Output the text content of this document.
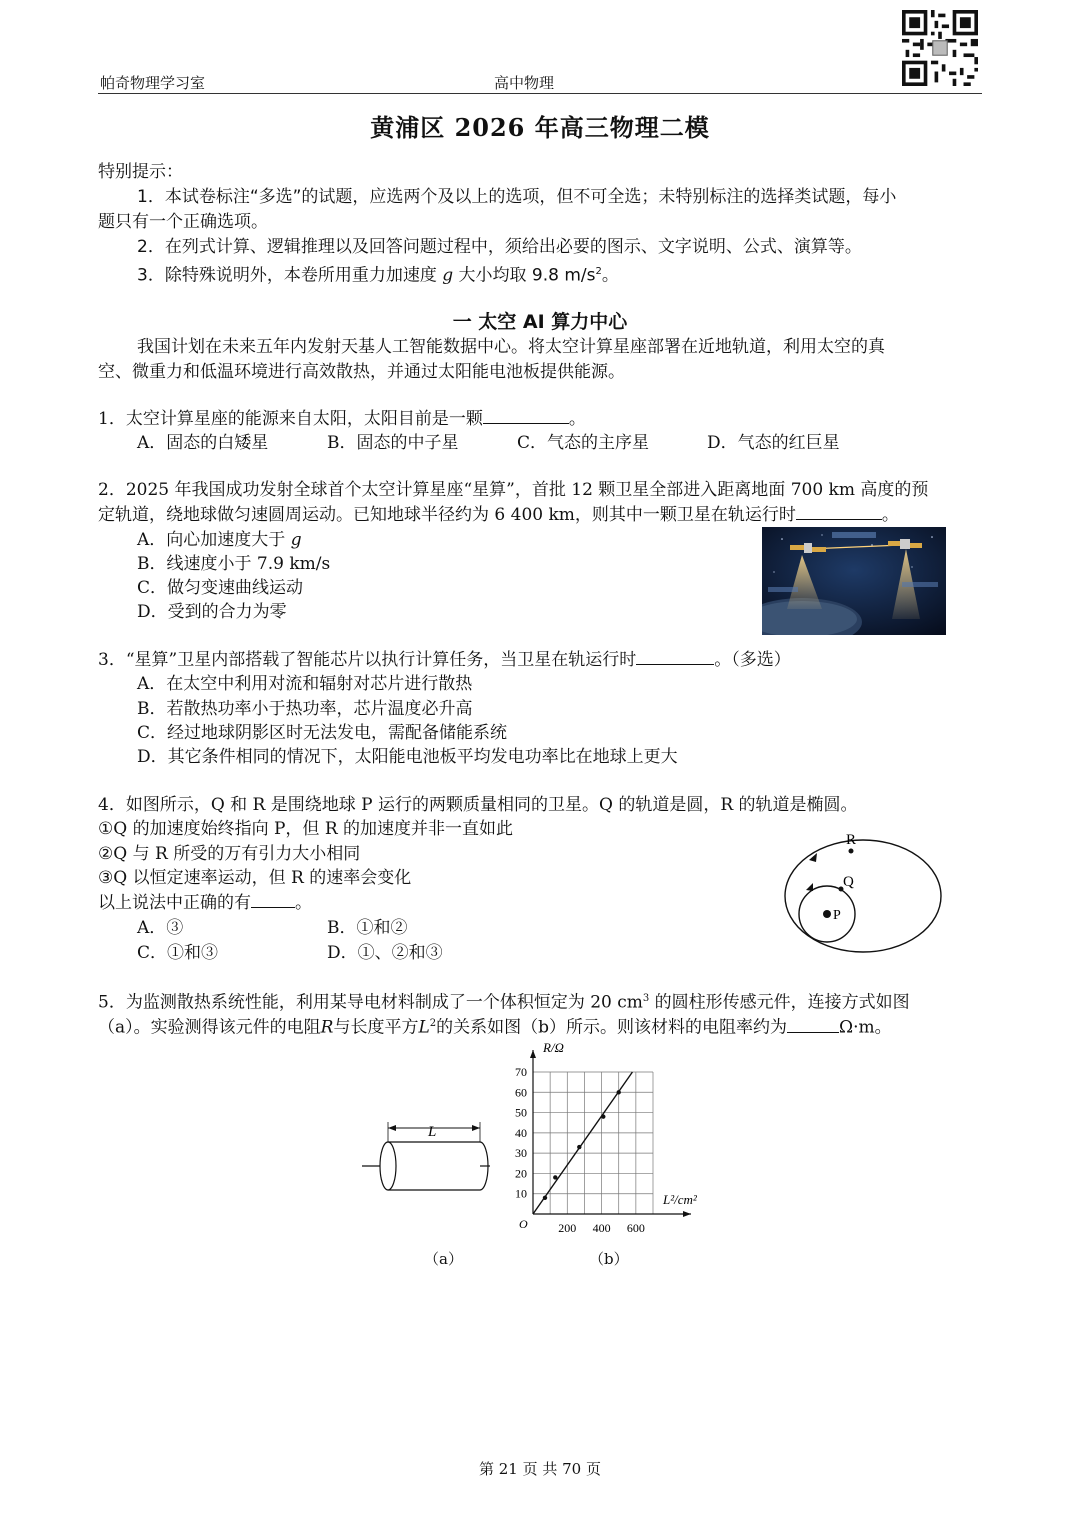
帕奇物理学习室	高中物理
黄浦区 2026 年高三物理二模
特别提示：
1．本试卷标注“多选”的试题，应选两个及以上的选项，但不可全选；未特别标注的选择类试题，每小
题只有一个正确选项。
2．在列式计算、逻辑推理以及回答问题过程中，须给出必要的图示、文字说明、公式、演算等。
3．除特殊说明外，本卷所用重力加速度 g 大小均取 9.8 $m/s^2$。
一 太空 AI 算力中心
我国计划在未来五年内发射天基人工智能数据中心。将太空计算星座部署在近地轨道，利用太空的真
空、微重力和低温环境进行高效散热，并通过太阳能电池板提供能源。
1．太空计算星座的能源来自太阳，太阳目前是一颗	。
A．固态的白矮星	B．固态的中子星	C．气态的主序星	D．气态的红巨星
2．2025 年我国成功发射全球首个太空计算星座“星算”，首批 12 颗卫星全部进入距离地面 700 km 高度的预
定轨道，绕地球做匀速圆周运动。已知地球半径约为 6 400 km，则其中一颗卫星在轨运行时	。
A．向心加速度大于 g
B．线速度小于 7.9 km/s
C．做匀变速曲线运动
D．受到的合力为零
3．“星算”卫星内部搭载了智能芯片以执行计算任务，当卫星在轨运行时	。（多选）
A．在太空中利用对流和辐射对芯片进行散热
B．若散热功率小于热功率，芯片温度必升高
C．经过地球阴影区时无法发电，需配备储能系统
D．其它条件相同的情况下，太阳能电池板平均发电功率比在地球上更大
4．如图所示，Q 和 R 是围绕地球 P 运行的两颗质量相同的卫星。Q 的轨道是圆，R 的轨道是椭圆。
①Q 的加速度始终指向 P，但 R 的加速度并非一直如此
②Q 与 R 所受的万有引力大小相同
③Q 以恒定速率运动，但 R 的速率会变化
以上说法中正确的有	。
A．③	B．①和②
C．①和③	D．①、②和③
R
Q
P
5．为监测散热系统性能，利用某导电材料制成了一个体积恒定为 20 $cm^3$ 的圆柱形传感元件，连接方式如图
（a）。实验测得该元件的电阻R与长度平方$L^2$的关系如图（b）所示。则该材料的电阻率约为	Ω·m。
L
（a）
10
20
30
40
50
60
70
200 400 600
O
R/Ω
L²/cm²
（b）
第 21 页 共 70 页
